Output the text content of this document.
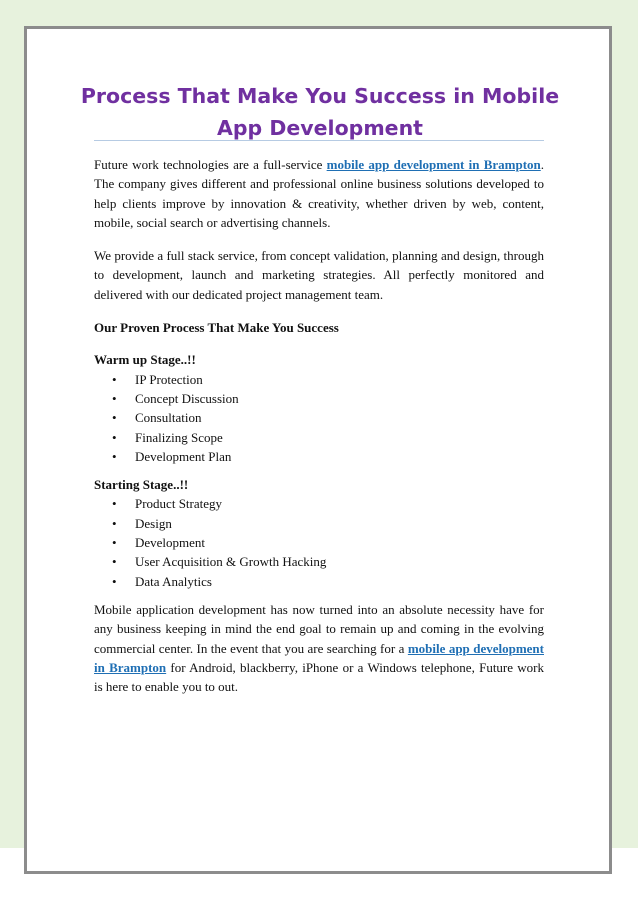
Process That Make You Success in Mobile App Development

Future work technologies are a full-service mobile app development in Brampton. The company gives different and professional online business solutions developed to help clients improve by innovation & creativity, whether driven by web, content, mobile, social search or advertising channels.

We provide a full stack service, from concept validation, planning and design, through to development, launch and marketing strategies. All perfectly monitored and delivered with our dedicated project management team.

Our Proven Process That Make You Success

Warm up Stage..!!

• IP Protection
• Concept Discussion
• Consultation
• Finalizing Scope
• Development Plan

Starting Stage..!!

• Product Strategy
• Design
• Development
• User Acquisition & Growth Hacking
• Data Analytics

Mobile application development has now turned into an absolute necessity have for any business keeping in mind the end goal to remain up and coming in the evolving commercial center. In the event that you are searching for a mobile app development in Brampton for Android, blackberry, iPhone or a Windows telephone, Future work is here to enable you to out.
